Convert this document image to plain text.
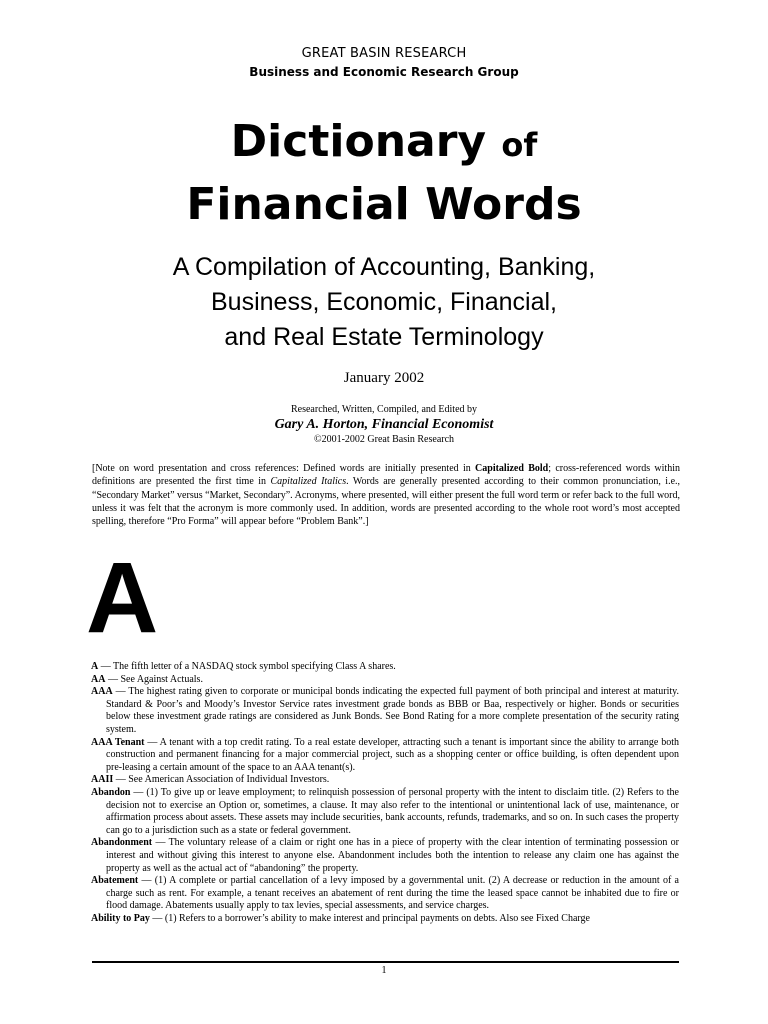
GREAT BASIN RESEARCH
Business and Economic Research Group
Dictionary of
Financial Words
A Compilation of Accounting, Banking,
Business, Economic, Financial,
and Real Estate Terminology
January 2002
Researched, Written, Compiled, and Edited by
Gary A. Horton, Financial Economist
©2001-2002 Great Basin Research
[Note on word presentation and cross references: Defined words are initially presented in Capitalized Bold; cross-referenced words within definitions are presented the first time in Capitalized Italics. Words are generally presented according to their common pronunciation, i.e., “Secondary Market” versus “Market, Secondary”. Acronyms, where presented, will either present the full word term or refer back to the full word, unless it was felt that the acronym is more commonly used. In addition, words are presented according to the whole root word’s most accepted spelling, therefore “Pro Forma” will appear before “Problem Bank”.]
A

A — The fifth letter of a NASDAQ stock symbol specifying Class A shares.

AA — See Against Actuals.

AAA — The highest rating given to corporate or municipal bonds indicating the expected full payment of both principal and interest at maturity. Standard & Poor’s and Moody’s Investor Service rates investment grade bonds as BBB or Baa, respectively or higher. Bonds or securities below these investment grade ratings are considered as Junk Bonds. See Bond Rating for a more complete presentation of the security rating system.

AAA Tenant — A tenant with a top credit rating. To a real estate developer, attracting such a tenant is important since the ability to arrange both construction and permanent financing for a major commercial project, such as a shopping center or office building, is often dependent upon pre-leasing a certain amount of the space to an AAA tenant(s).

AAII — See American Association of Individual Investors.

Abandon — (1) To give up or leave employment; to relinquish possession of personal property with the intent to disclaim title. (2) Refers to the decision not to exercise an Option or, sometimes, a clause. It may also refer to the intentional or unintentional lack of use, maintenance, or affirmation process about assets. These assets may include securities, bank accounts, refunds, trademarks, and so on. In such cases the property can go to a jurisdiction such as a state or federal government.

Abandonment — The voluntary release of a claim or right one has in a piece of property with the clear intention of terminating possession or interest and without giving this interest to anyone else. Abandonment includes both the intention to release any claim one has against the property as well as the actual act of “abandoning” the property.

Abatement — (1) A complete or partial cancellation of a levy imposed by a governmental unit. (2) A decrease or reduction in the amount of a charge such as rent. For example, a tenant receives an abatement of rent during the time the leased space cannot be inhabited due to fire or flood damage. Abatements usually apply to tax levies, special assessments, and service charges.

Ability to Pay — (1) Refers to a borrower’s ability to make interest and principal payments on debts. Also see Fixed Charge

1
